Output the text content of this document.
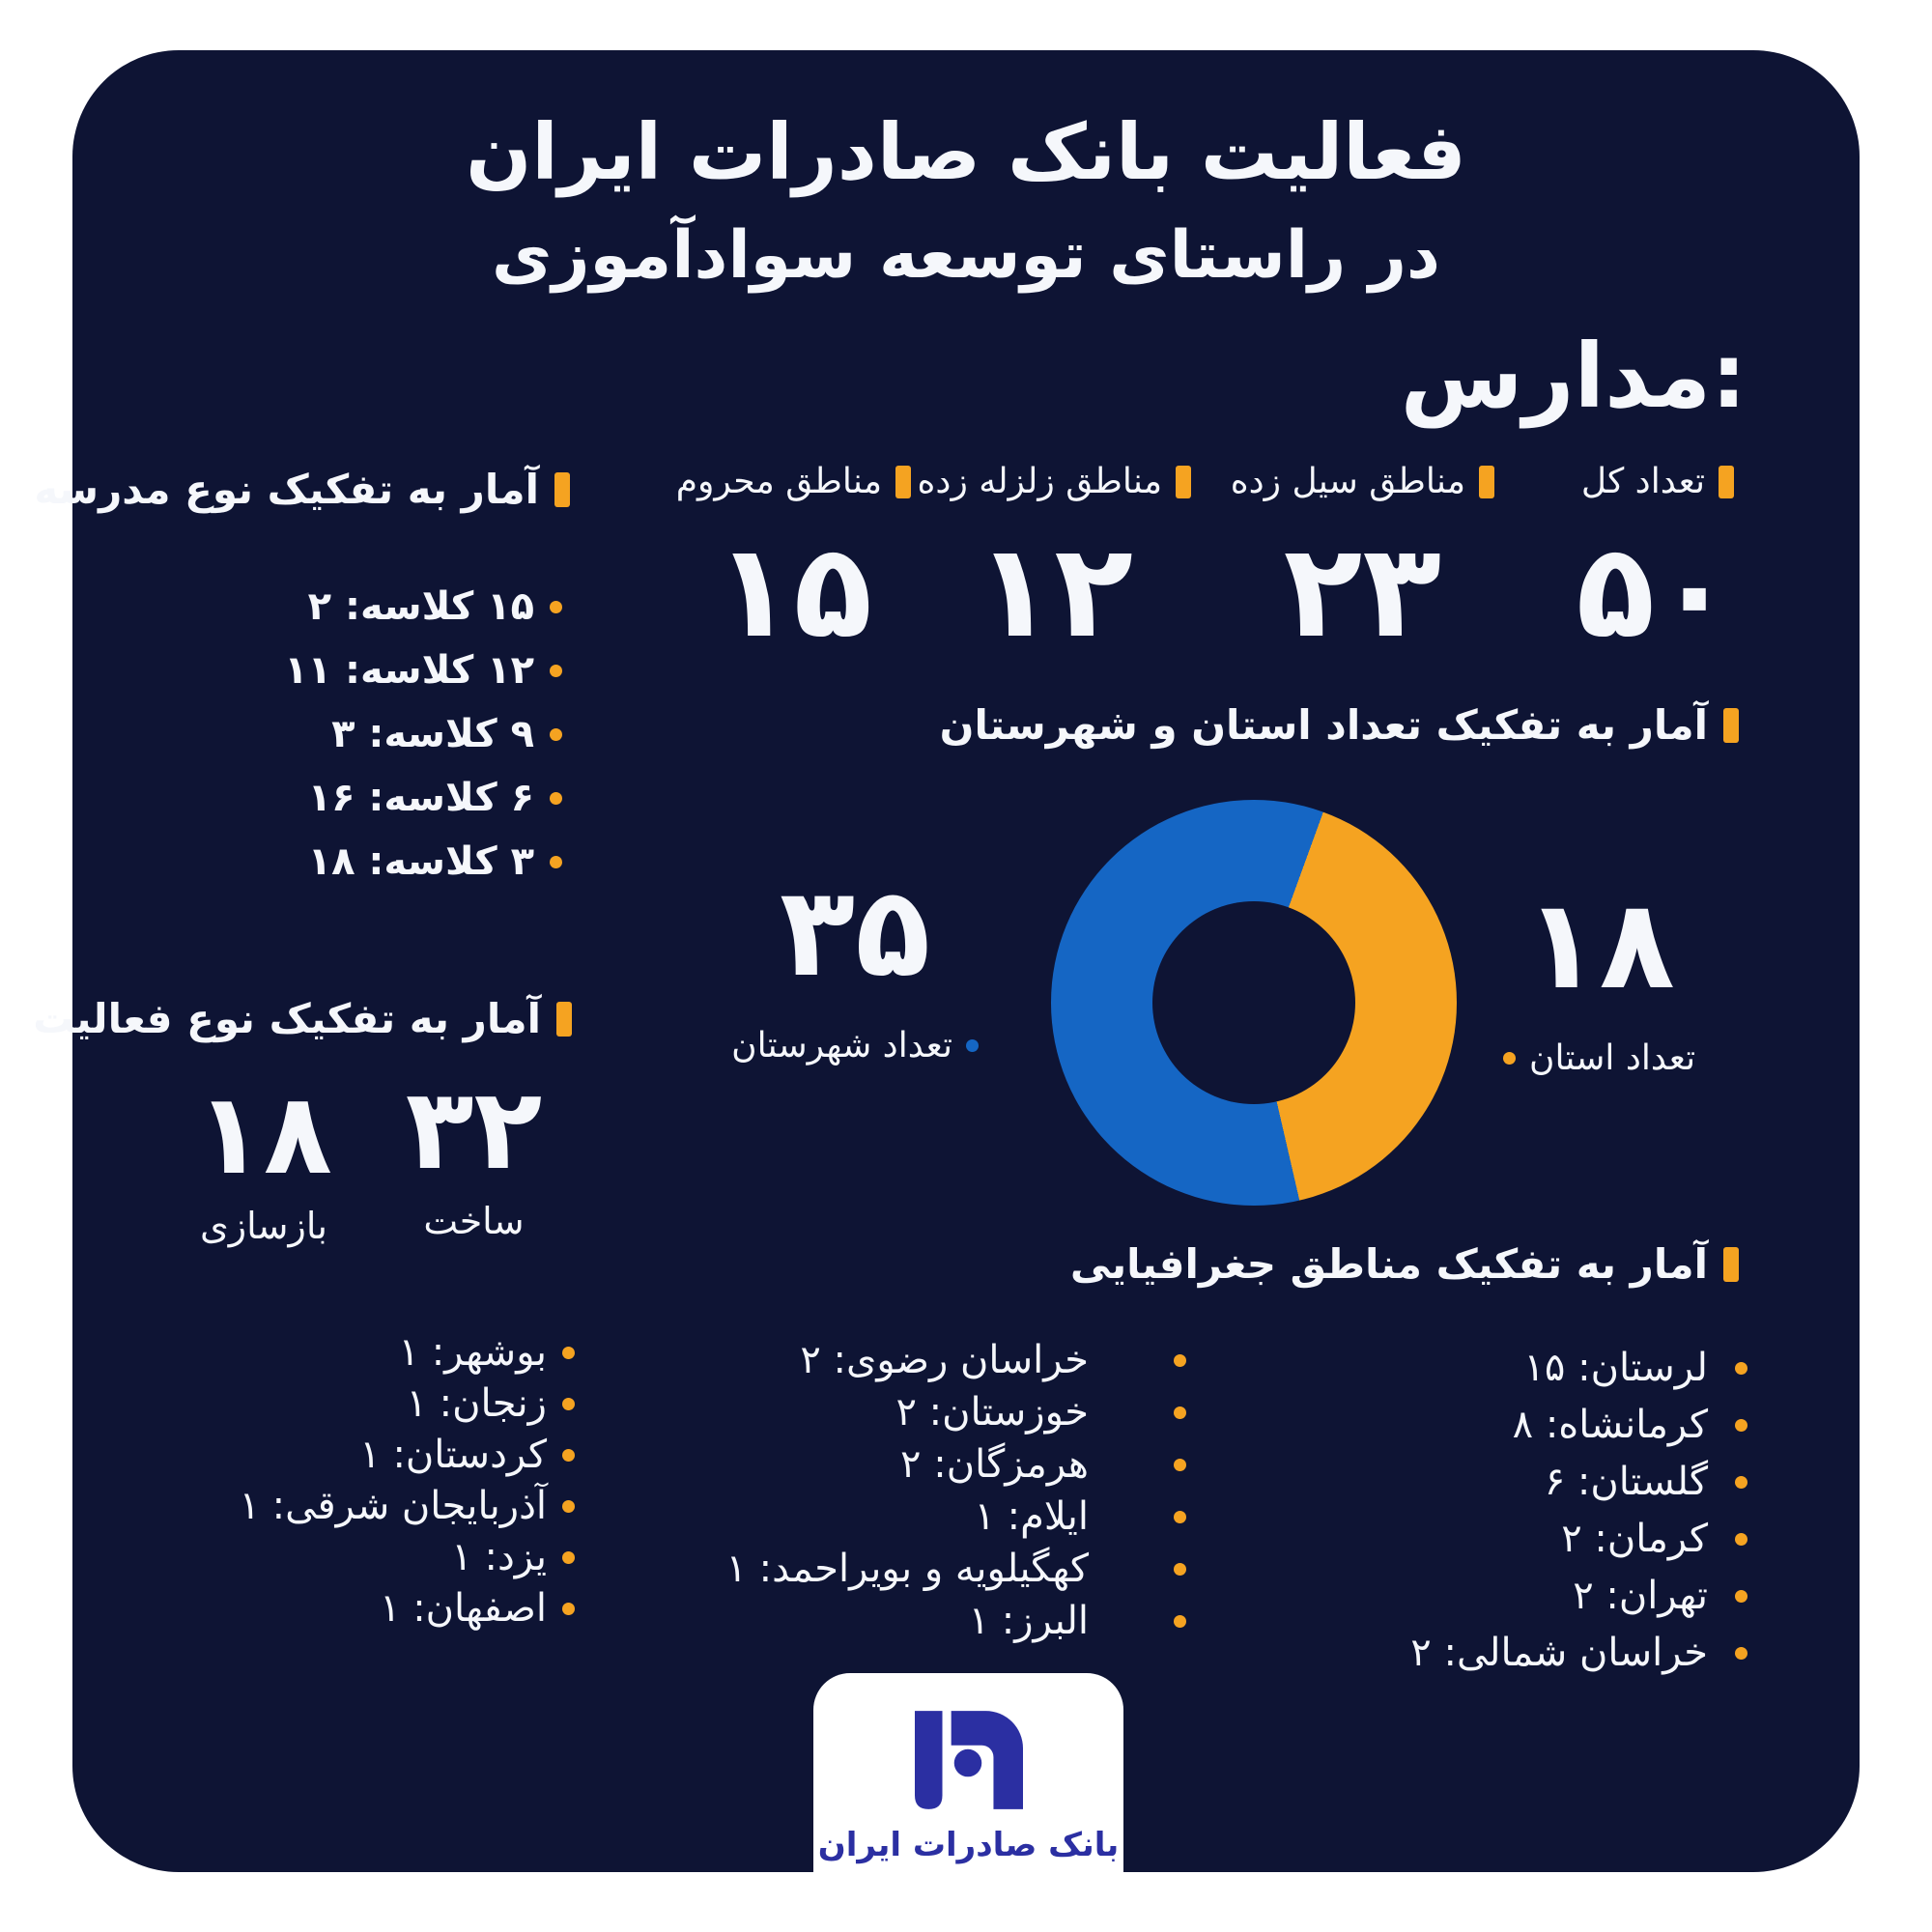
فعالیت بانک صادرات ایران
در راستای توسعه سوادآموزی
مدارس:
تعداد کل
۵۰
مناطق سیل زده
۲۳
مناطق زلزله زده
۱۲
مناطق محروم
۱۵
آمار به تفکیک نوع مدرسه
۱۵ کلاسه: ۲
۱۲ کلاسه: ۱۱
۹ کلاسه: ۳
۶ کلاسه: ۱۶
۳ کلاسه: ۱۸
آمار به تفکیک نوع فعالیت
۳۲
ساخت
۱۸
بازسازی
آمار به تفکیک تعداد استان و شهرستان
۳۵
تعداد شهرستان
۱۸
تعداد استان
آمار به تفکیک مناطق جغرافیایی
لرستان: ۱۵
کرمانشاه: ۸
گلستان: ۶
کرمان: ۲
تهران: ۲
خراسان شمالی: ۲
خراسان رضوی: ۲
خوزستان: ۲
هرمزگان: ۲
ایلام: ۱
کهگیلویه و بویراحمد: ۱
البرز: ۱
بوشهر: ۱
زنجان: ۱
کردستان: ۱
آذربایجان شرقی: ۱
یزد: ۱
اصفهان: ۱
بانک صادرات ایران
